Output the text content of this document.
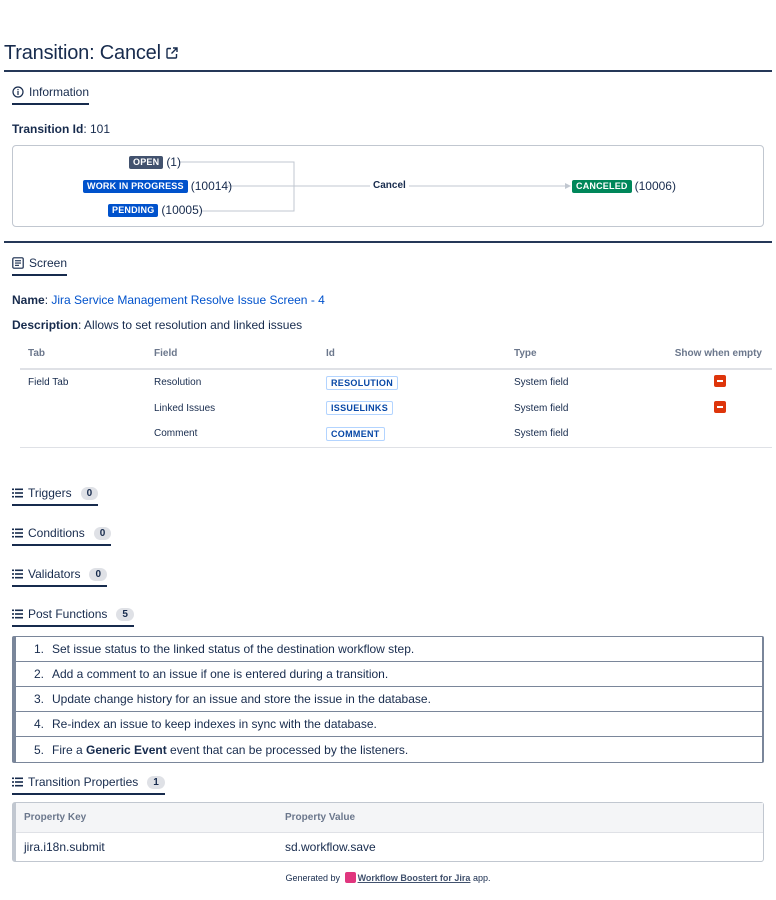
Transition: Cancel
Information
Transition Id: 101
OPEN (1)
WORK IN PROGRESS (10014)
PENDING (10005)
Cancel	CANCELED (10006)
Screen
Name: Jira Service Management Resolve Issue Screen - 4
Description: Allows to set resolution and linked issues
Tab	Field	Id	Type	Show when empty
Field Tab	Resolution	RESOLUTION	System field	
	Linked Issues	ISSUELINKS	System field	
	Comment	COMMENT	System field	
Triggers	0
Conditions	0
Validators	0
Post Functions	5
1. Set issue status to the linked status of the destination workflow step.
2. Add a comment to an issue if one is entered during a transition.
3. Update change history for an issue and store the issue in the database.
4. Re-index an issue to keep indexes in sync with the database.
5. Fire a Generic Event event that can be processed by the listeners.
Transition Properties	1
Property Key	Property Value
jira.i18n.submit	sd.workflow.save
Generated by Workflow Boostert for Jira app.
